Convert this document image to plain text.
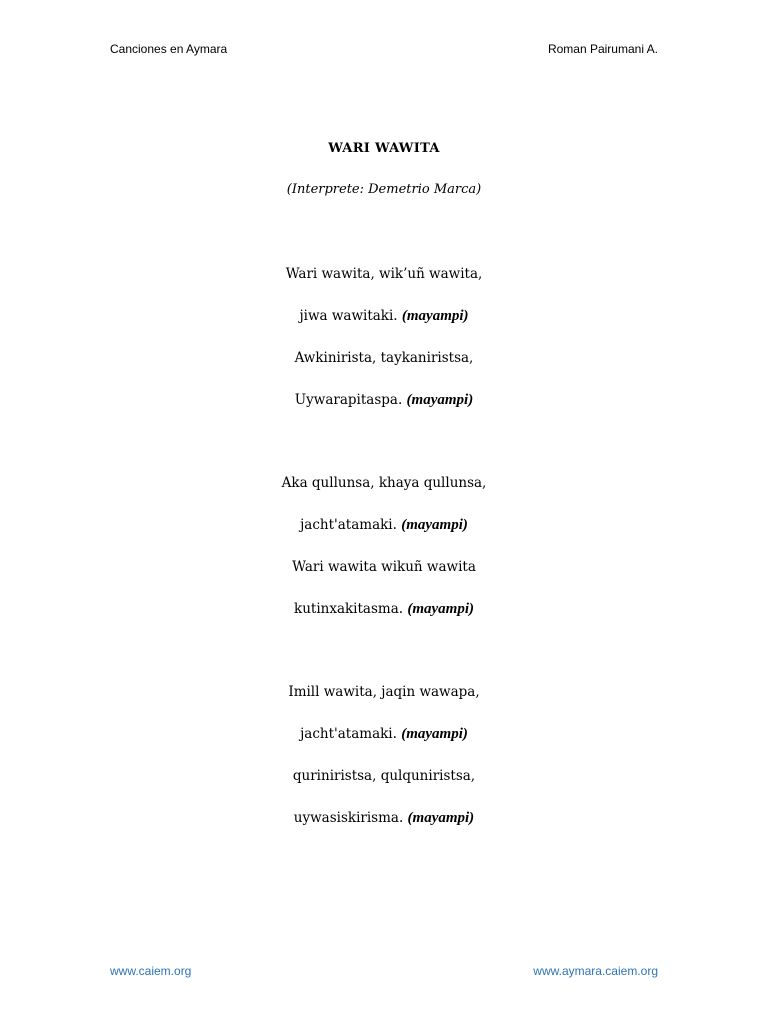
Canciones en Aymara	Roman Pairumani A.
WARI WAWITA
(Interprete: Demetrio Marca)
Wari wawita, wik’uñ wawita,
jiwa wawitaki. (mayampi)
Awkinirista, taykaniristsa,
Uywarapitaspa. (mayampi)
Aka qullunsa, khaya qullunsa,
jacht'atamaki. (mayampi)
Wari wawita wikuñ wawita
kutinxakitasma. (mayampi)
Imill wawita, jaqin wawapa,
jacht'atamaki. (mayampi)
quriniristsa, qulquniristsa,
uywasiskirisma. (mayampi)
www.caiem.org	www.aymara.caiem.org
